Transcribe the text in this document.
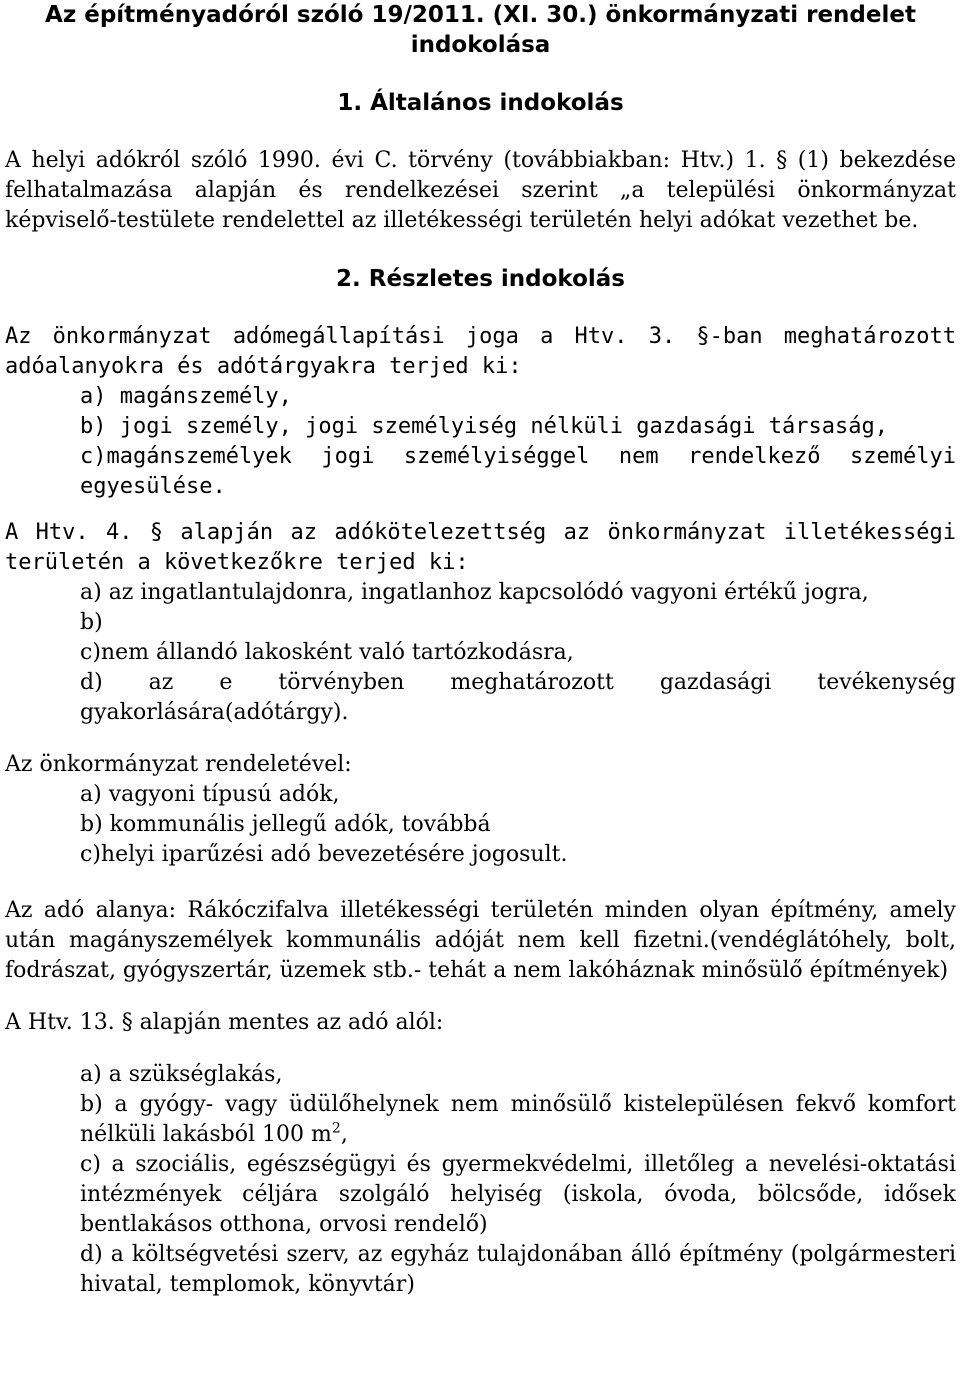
Az építményadóról szóló 19/2011. (XI. 30.) önkormányzati rendelet indokolása
1. Általános indokolás

A helyi adókról szóló 1990. évi C. törvény (továbbiakban: Htv.) 1. § (1) bekezdése felhatalmazása alapján és rendelkezései szerint „a települési önkormányzat képviselő-testülete rendelettel az illetékességi területén helyi adókat vezethet be.

2. Részletes indokolás

Az önkormányzat adómegállapítási joga a Htv. 3. §-ban meghatározott adóalanyokra és adótárgyakra terjed ki:

a) magánszemély,
b) jogi személy, jogi személyiség nélküli gazdasági társaság,
c)magánszemélyek jogi személyiséggel nem rendelkező személyi egyesülése.

A Htv. 4. § alapján az adókötelezettség az önkormányzat illetékességi területén a következőkre terjed ki:

a) az ingatlantulajdonra, ingatlanhoz kapcsolódó vagyoni értékű jogra,
b)
c)nem állandó lakosként való tartózkodásra,
d) az e törvényben meghatározott gazdasági tevékenység gyakorlására(adótárgy).

Az önkormányzat rendeletével:

a) vagyoni típusú adók,
b) kommunális jellegű adók, továbbá
c)helyi iparűzési adó bevezetésére jogosult.

Az adó alanya: Rákóczifalva illetékességi területén minden olyan építmény, amely után magányszemélyek kommunális adóját nem kell fizetni.(vendéglátóhely, bolt, fodrászat, gyógyszertár, üzemek stb.- tehát a nem lakóháznak minősülő építmények)

A Htv. 13. § alapján mentes az adó alól:

a) a szükséglakás,
b) a gyógy- vagy üdülőhelynek nem minősülő kistelepülésen fekvő komfort nélküli lakásból 100 $m^2$,
c) a szociális, egészségügyi és gyermekvédelmi, illetőleg a nevelési-oktatási intézmények céljára szolgáló helyiség (iskola, óvoda, bölcsőde, idősek bentlakásos otthona, orvosi rendelő)
d) a költségvetési szerv, az egyház tulajdonában álló építmény (polgármesteri hivatal, templomok, könyvtár)
